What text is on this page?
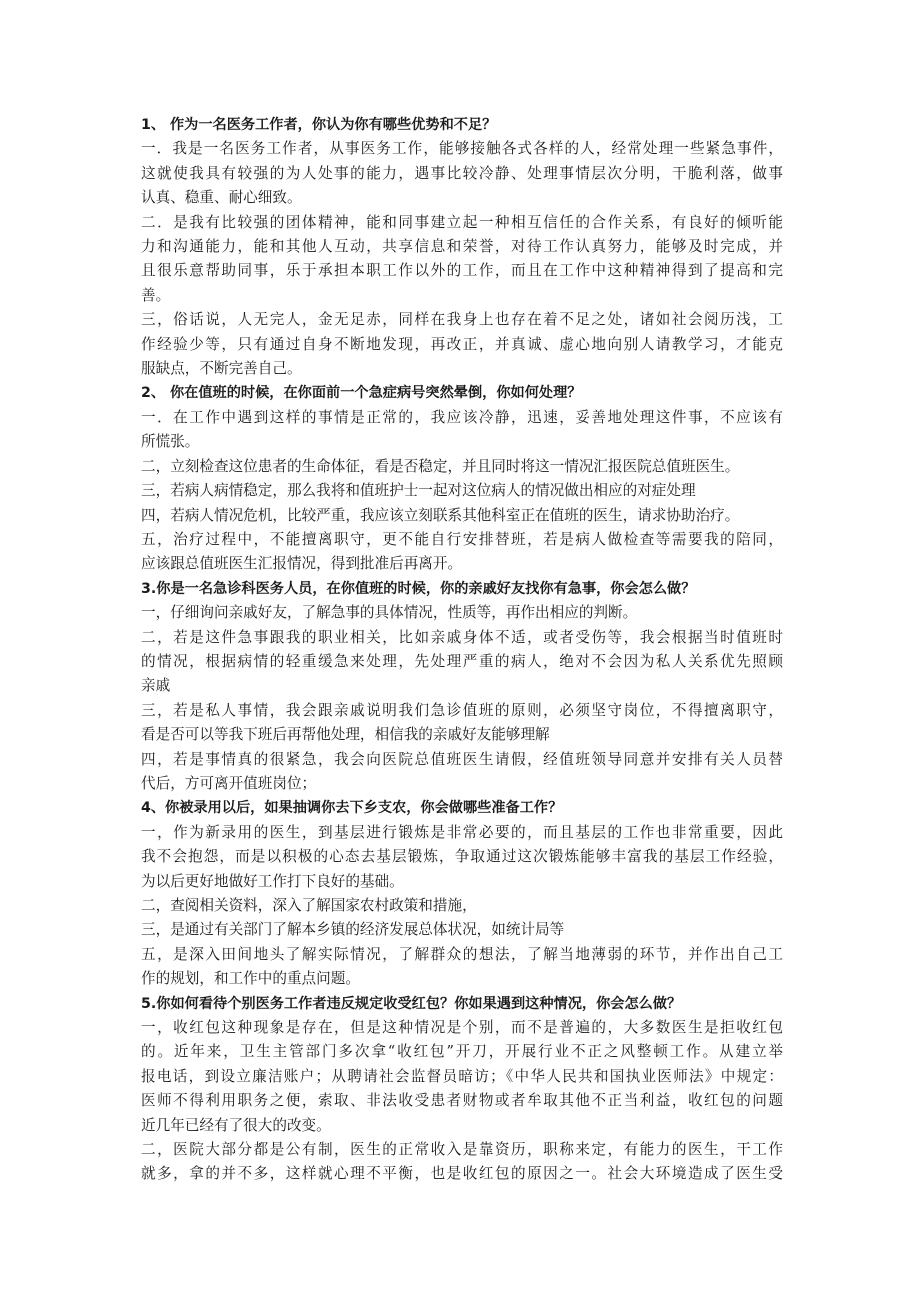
1、 作为一名医务工作者，你认为你有哪些优势和不足？

一．我是一名医务工作者，从事医务工作，能够接触各式各样的人，经常处理一些紧急事件，
这就使我具有较强的为人处事的能力，遇事比较冷静、处理事情层次分明，干脆利落，做事
认真、稳重、耐心细致。

二．是我有比较强的团体精神，能和同事建立起一种相互信任的合作关系，有良好的倾听能
力和沟通能力，能和其他人互动，共享信息和荣誉，对待工作认真努力，能够及时完成，并
且很乐意帮助同事，乐于承担本职工作以外的工作，而且在工作中这种精神得到了提高和完
善。

三，俗话说，人无完人，金无足赤，同样在我身上也存在着不足之处，诸如社会阅历浅，工
作经验少等，只有通过自身不断地发现，再改正，并真诚、虚心地向别人请教学习，才能克
服缺点，不断完善自己。

2、 你在值班的时候，在你面前一个急症病号突然晕倒，你如何处理？

一．在工作中遇到这样的事情是正常的，我应该冷静，迅速，妥善地处理这件事，不应该有
所慌张。

二，立刻检查这位患者的生命体征，看是否稳定，并且同时将这一情况汇报医院总值班医生。

三，若病人病情稳定，那么我将和值班护士一起对这位病人的情况做出相应的对症处理

四，若病人情况危机，比较严重，我应该立刻联系其他科室正在值班的医生，请求协助治疗。

五，治疗过程中，不能擅离职守，更不能自行安排替班，若是病人做检查等需要我的陪同，
应该跟总值班医生汇报情况，得到批准后再离开。

3.你是一名急诊科医务人员，在你值班的时候，你的亲戚好友找你有急事，你会怎么做？

一，仔细询问亲戚好友，了解急事的具体情况，性质等，再作出相应的判断。

二，若是这件急事跟我的职业相关，比如亲戚身体不适，或者受伤等，我会根据当时值班时
的情况，根据病情的轻重缓急来处理，先处理严重的病人，绝对不会因为私人关系优先照顾
亲戚

三，若是私人事情，我会跟亲戚说明我们急诊值班的原则，必须坚守岗位，不得擅离职守，
看是否可以等我下班后再帮他处理，相信我的亲戚好友能够理解

四，若是事情真的很紧急，我会向医院总值班医生请假，经值班领导同意并安排有关人员替
代后，方可离开值班岗位；

4、你被录用以后，如果抽调你去下乡支农，你会做哪些准备工作？

一，作为新录用的医生，到基层进行锻炼是非常必要的，而且基层的工作也非常重要，因此
我不会抱怨，而是以积极的心态去基层锻炼，争取通过这次锻炼能够丰富我的基层工作经验，
为以后更好地做好工作打下良好的基础。

二，查阅相关资料，深入了解国家农村政策和措施，

三，是通过有关部门了解本乡镇的经济发展总体状况，如统计局等

五，是深入田间地头了解实际情况，了解群众的想法，了解当地薄弱的环节，并作出自己工
作的规划，和工作中的重点问题。

5.你如何看待个别医务工作者违反规定收受红包？你如果遇到这种情况，你会怎么做？

一，收红包这种现象是存在，但是这种情况是个别，而不是普遍的，大多数医生是拒收红包
的。近年来，卫生主管部门多次拿“收红包”开刀，开展行业不正之风整顿工作。从建立举
报电话，到设立廉洁账户；从聘请社会监督员暗访；《中华人民共和国执业医师法》中规定：
医师不得利用职务之便，索取、非法收受患者财物或者牟取其他不正当利益，收红包的问题
近几年已经有了很大的改变。

二，医院大部分都是公有制，医生的正常收入是靠资历，职称来定，有能力的医生，干工作
就多，拿的并不多，这样就心理不平衡，也是收红包的原因之一。社会大环境造成了医生受
